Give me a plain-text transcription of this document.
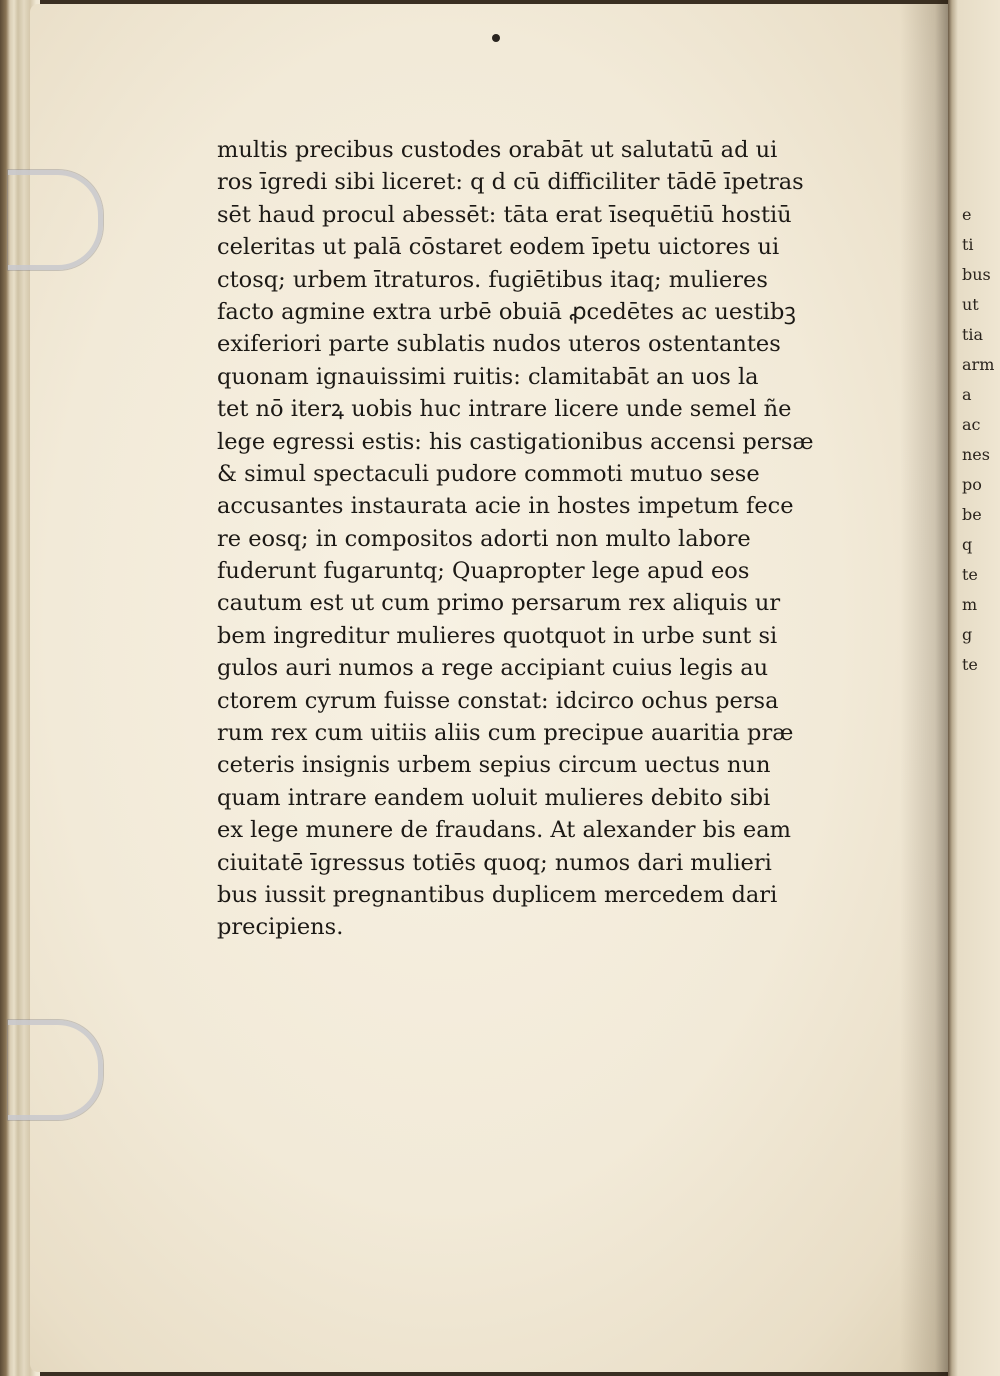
multis precibus custodes orabāt ut salutatū ad ui
ros īgredi sibi liceret: q d cū difficiliter tādē īpetras
sēt haud procul abessēt: tāta erat īsequētiū hostiū
celeritas ut palā cōstaret eodem īpetu uictores ui
ctosq; urbem ītraturos. fugiētibus itaq; mulieres
facto agmine extra urbē obuiā ꝓcedētes ac uestibꝫ
exiferiori parte sublatis nudos uteros ostentantes
quonam ignauissimi ruitis: clamitabāt an uos la
tet nō iterꝝ uobis huc intrare licere unde semel ñe
lege egressi estis: his castigationibus accensi persæ
& simul spectaculi pudore commoti mutuo sese
accusantes instaurata acie in hostes impetum fece
re eosq; in compositos adorti non multo labore
fuderunt fugaruntq; Quapropter lege apud eos
cautum est ut cum primo persarum rex aliquis ur
bem ingreditur mulieres quotquot in urbe sunt si
gulos auri numos a rege accipiant cuius legis au
ctorem cyrum fuisse constat: idcirco ochus persa
rum rex cum uitiis aliis cum precipue auaritia præ
ceteris insignis urbem sepius circum uectus nun
quam intrare eandem uoluit mulieres debito sibi
ex lege munere de fraudans. At alexander bis eam
ciuitatē īgressus totiēs quoq; numos dari mulieri
bus iussit pregnantibus duplicem mercedem dari
precipiens.
e
ti
bus
ut
tia
arm
a
ac
nes
po
be
q
te
m
g
te
